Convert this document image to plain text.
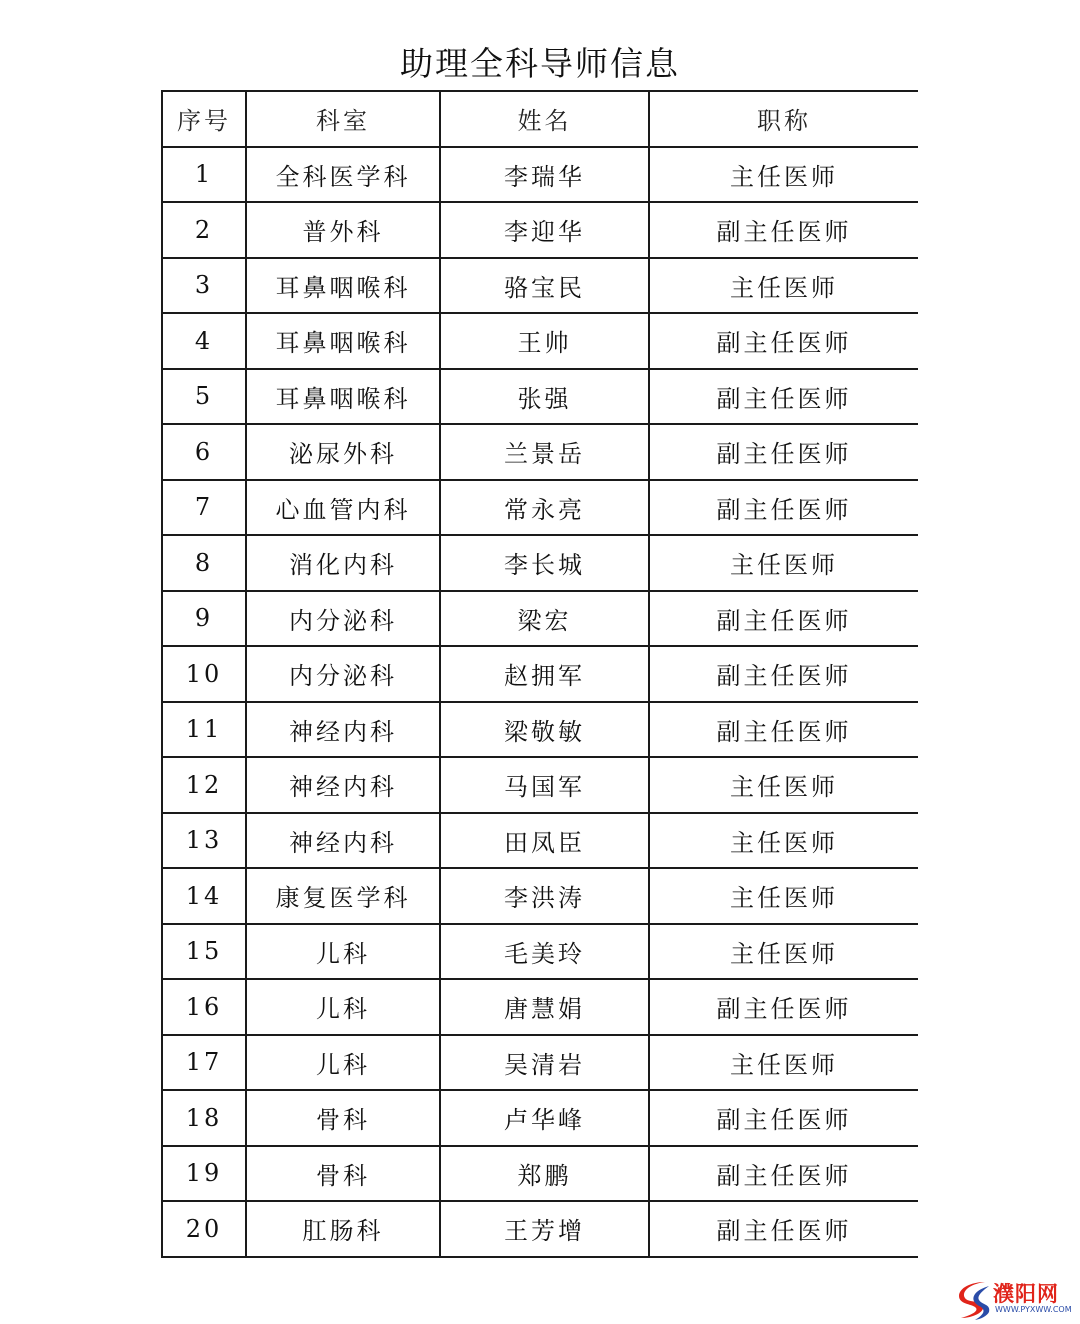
助理全科导师信息
序号	科室	姓名	职称
1	全科医学科	李瑞华	主任医师
2	普外科	李迎华	副主任医师
3	耳鼻咽喉科	骆宝民	主任医师
4	耳鼻咽喉科	王帅	副主任医师
5	耳鼻咽喉科	张强	副主任医师
6	泌尿外科	兰景岳	副主任医师
7	心血管内科	常永亮	副主任医师
8	消化内科	李长城	主任医师
9	内分泌科	梁宏	副主任医师
10	内分泌科	赵拥军	副主任医师
11	神经内科	梁敬敏	副主任医师
12	神经内科	马国军	主任医师
13	神经内科	田凤臣	主任医师
14	康复医学科	李洪涛	主任医师
15	儿科	毛美玲	主任医师
16	儿科	唐慧娟	副主任医师
17	儿科	吴清岩	主任医师
18	骨科	卢华峰	副主任医师
19	骨科	郑鹏	副主任医师
20	肛肠科	王芳增	副主任医师
濮阳网
WWW.PYXWW.COM
